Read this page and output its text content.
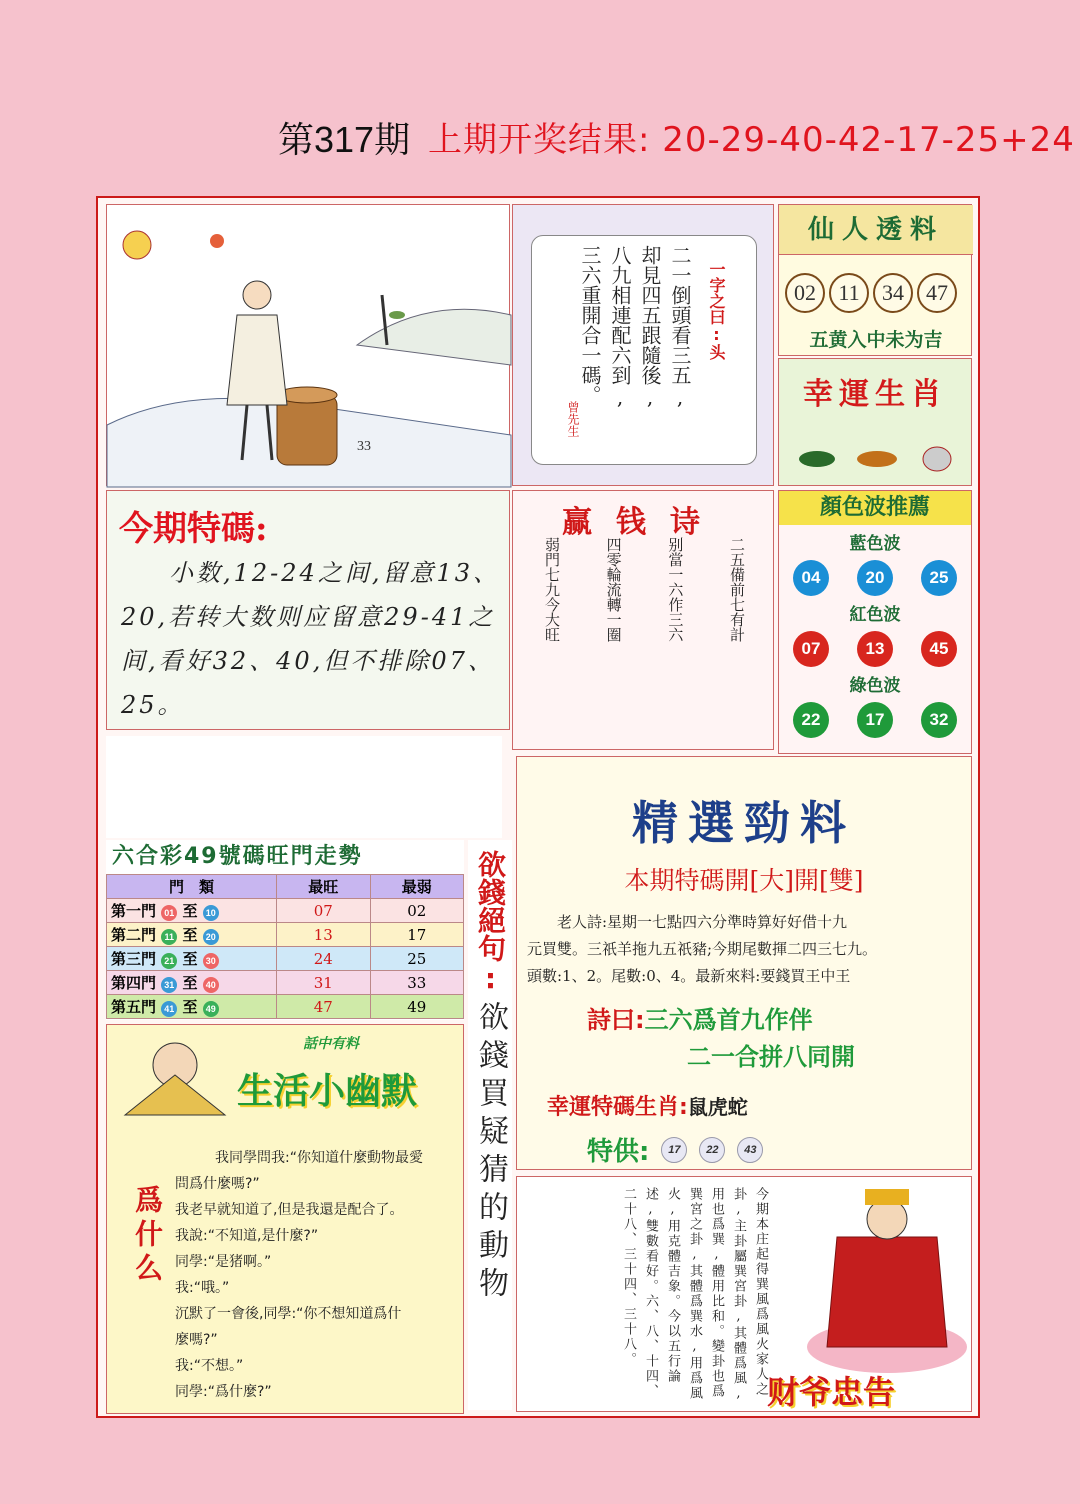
第317期 上期开奖结果: 20-29-40-42-17-25+24
33
一字之曰:头
二一倒頭看三五, 却見四五跟隨後, 八九相連配六到, 三六重開合一碼。
曾先生
仙人透料
02	11	34	47
五黄入中未为吉
幸運生肖
今期特碼:
小数,12-24之间,留意13、20,若转大数则应留意29-41之间,看好32、40,但不排除07、25。
赢钱诗
二五備前七有計
别當一六作三六
四零輪流轉一圈
弱門七九今大旺
顏色波推薦
藍色波
04	20	25
紅色波
07	13	45
綠色波
22	17	32
六合彩49號碼旺門走勢
門　類	最旺	最弱
第一門 01 至 10	07	02
第二門 11 至 20	13	17
第三門 21 至 30	24	25
第四門 31 至 40	31	33
第五門 41 至 49	47	49
欲錢絕句:
欲錢買疑猜的動物
精選勁料
本期特碼開[大]開[雙]
老人詩:星期一七點四六分準時算好好借十九
元買雙。三祇羊拖九五祇豬;今期尾數揮二四三七九。
頭數:1、2。尾數:0、4。最新來料:要錢買王中王
詩曰:三六爲首九作伴
二一合拼八同開
幸運特碼生肖:鼠虎蛇
特供:	17	22	43
話中有料
生活小幽默
爲什么
我同學問我:“你知道什麼動物最愛
問爲什麼嗎?”
我老早就知道了,但是我還是配合了。
我說:“不知道,是什麼?”
同學:“是猪啊。”
我:“哦。”
沉默了一會後,同學:“你不想知道爲什
麼嗎?”
我:“不想。”
同學:“爲什麼?”	今期本庄起得巽風爲風火家人之卦,主卦屬巽宮卦,其體爲風,用也爲巽,體用比和。變卦也爲巽宮之卦,其體爲巽水,用爲風火,用克體吉象。今以五行論述,雙數看好。六、八、十四、二十八、三十四、三十八。
财爷忠告
